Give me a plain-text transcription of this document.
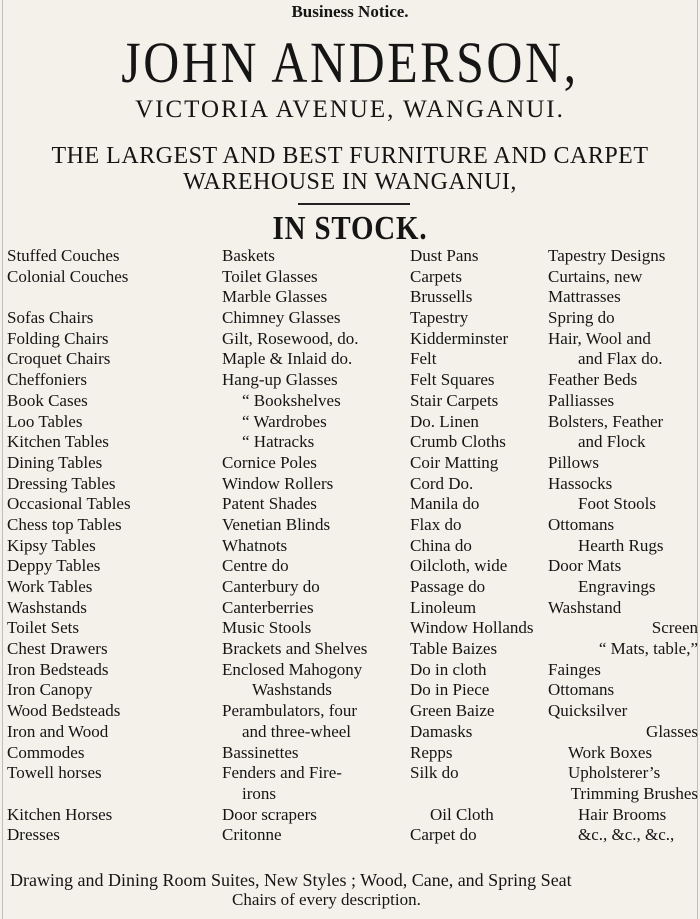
Business Notice.
JOHN ANDERSON,
VICTORIA AVENUE, WANGANUI.
THE LARGEST AND BEST FURNITURE AND CARPET
WAREHOUSE IN WANGANUI,
IN STOCK.
Stuffed Couches
Colonial Couches
Sofas Chairs
Folding Chairs
Croquet Chairs
Cheffoniers
Book Cases
Loo Tables
Kitchen Tables
Dining Tables
Dressing Tables
Occasional Tables
Chess top Tables
Kipsy Tables
Deppy Tables
Work Tables
Washstands
Toilet Sets
Chest Drawers
Iron Bedsteads
Iron Canopy
Wood Bedsteads
Iron and Wood
Commodes
Towell horses
Kitchen Horses
Dresses
Baskets
Toilet Glasses
Marble Glasses
Chimney Glasses
Gilt, Rosewood, do.
Maple & Inlaid do.
Hang-up Glasses
“ Bookshelves
“ Wardrobes
“ Hatracks
Cornice Poles
Window Rollers
Patent Shades
Venetian Blinds
Whatnots
Centre do
Canterbury do
Canterberries
Music Stools
Brackets and Shelves
Enclosed Mahogony
Washstands
Perambulators, four
and three-wheel
Bassinettes
Fenders and Fire-
irons
Door scrapers
Critonne
Dust Pans
Carpets
Brussells
Tapestry
Kidderminster
Felt
Felt Squares
Stair Carpets
Do. Linen
Crumb Cloths
Coir Matting
Cord Do.
Manila do
Flax do
China do
Oilcloth, wide
Passage do
Linoleum
Window Hollands
Table Baizes
Do in cloth
Do in Piece
Green Baize
Damasks
Repps
Silk do
Oil Cloth
Carpet do
Tapestry Designs
Curtains, new
Mattrasses
Spring do
Hair, Wool and
and Flax do.
Feather Beds
Palliasses
Bolsters, Feather
and Flock
Pillows
Hassocks
Foot Stools
Ottomans
Hearth Rugs
Door Mats
Engravings
Washstand
Screen
“ Mats, table,”
Fainges
Ottomans
Quicksilver
Glasses
Work Boxes
Upholsterer’s
Trimming Brushes
Hair Brooms
&c., &c., &c.,
Drawing and Dining Room Suites, New Styles ; Wood, Cane, and Spring Seat
Chairs of every description.
